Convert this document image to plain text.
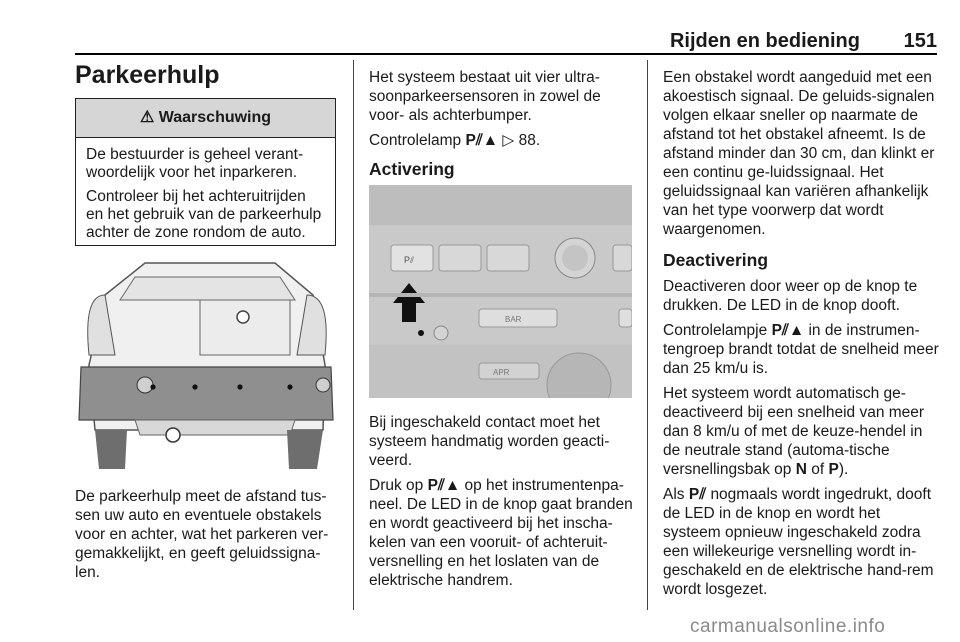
Rijden en bediening 151
Parkeerhulp
⚠ Waarschuwing

De bestuurder is geheel verant-woordelijk voor het inparkeren.

Controleer bij het achteruitrijden en het gebruik van de parkeerhulp achter de zone rondom de auto.

De parkeerhulp meet de afstand tus-sen uw auto en eventuele obstakels voor en achter, wat het parkeren ver-gemakkelijkt, en geeft geluidssigna-len.

Het systeem bestaat uit vier ultra-soonparkeersensoren in zowel de voor- als achterbumper.

Controlelamp P⫽▲ ▷ 88.

Activering
P⫽
BAR
APR

Bij ingeschakeld contact moet het systeem handmatig worden geacti-veerd.

Druk op P⫽▲ op het instrumentenpa-neel. De LED in de knop gaat branden en wordt geactiveerd bij het inscha-kelen van een vooruit- of achteruit-versnelling en het loslaten van de elektrische handrem.

Een obstakel wordt aangeduid met een akoestisch signaal. De geluids-signalen volgen elkaar sneller op naarmate de afstand tot het obstakel afneemt. Is de afstand minder dan 30 cm, dan klinkt er een continu ge-luidssignaal. Het geluidssignaal kan variëren afhankelijk van het type voorwerp dat wordt waargenomen.

Deactivering

Deactiveren door weer op de knop te drukken. De LED in de knop dooft.

Controlelampje P⫽▲ in de instrumen-tengroep brandt totdat de snelheid meer dan 25 km/u is.

Het systeem wordt automatisch ge-deactiveerd bij een snelheid van meer dan 8 km/u of met de keuze-hendel in de neutrale stand (automa-tische versnellingsbak op N of P).

Als P⫽ nogmaals wordt ingedrukt, dooft de LED in de knop en wordt het systeem opnieuw ingeschakeld zodra een willekeurige versnelling wordt in-geschakeld en de elektrische hand-rem wordt losgezet.

carmanualsonline.info
